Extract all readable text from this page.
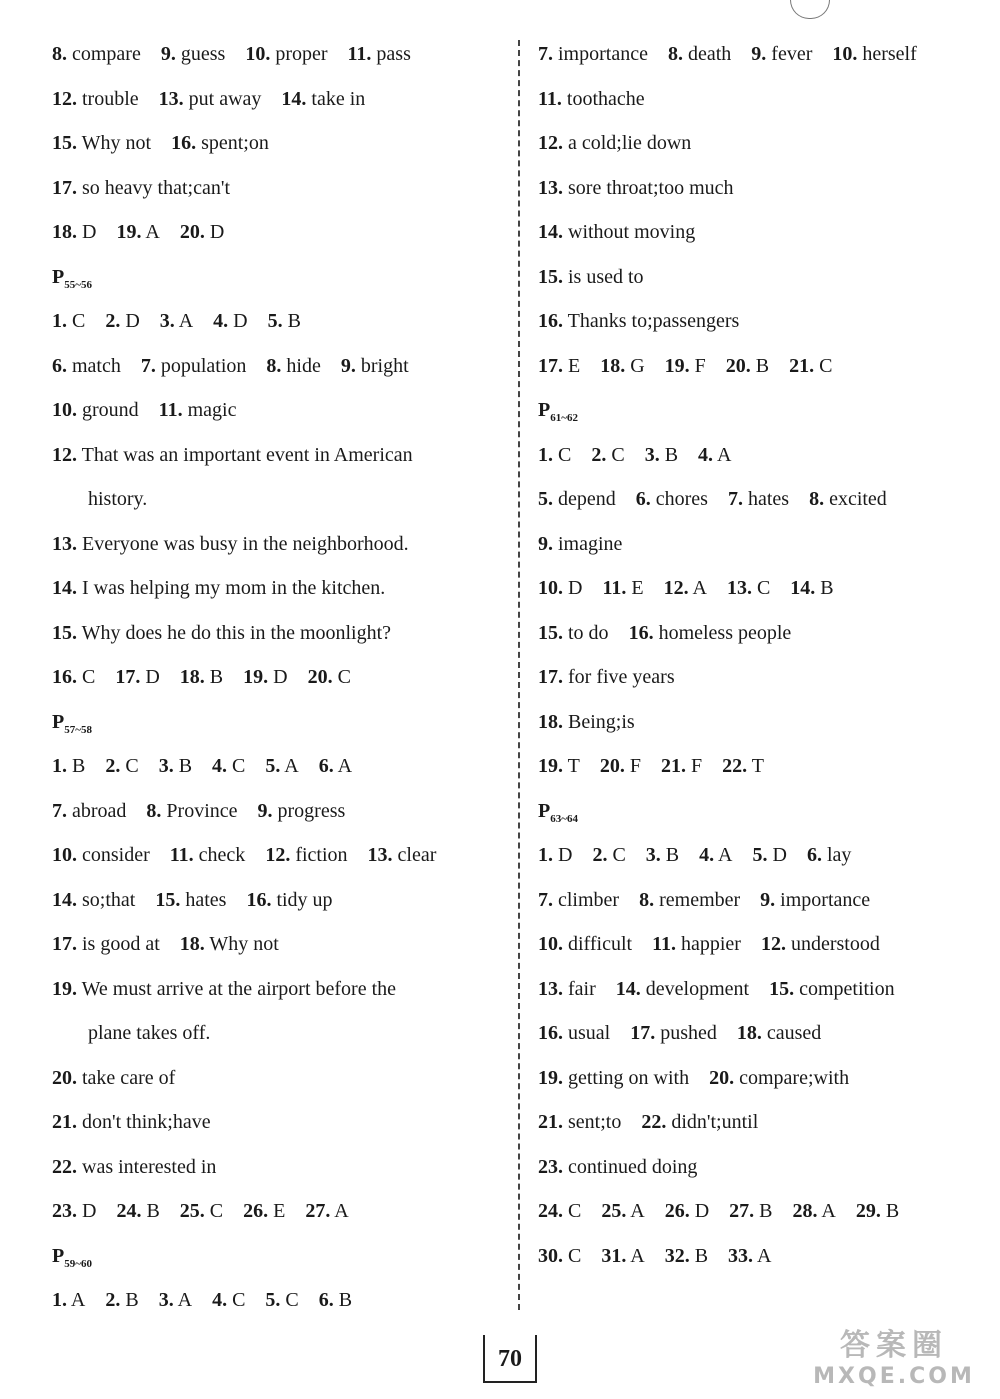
8. compare 9. guess 10. proper 11. pass
12. trouble 13. put away 14. take in
15. Why not 16. spent;on
17. so heavy that;can't
18. D 19. A 20. D
$P_{55\sim 56}$
1. C 2. D 3. A 4. D 5. B
6. match 7. population 8. hide 9. bright
10. ground 11. magic
12. That was an important event in American
history.
13. Everyone was busy in the neighborhood.
14. I was helping my mom in the kitchen.
15. Why does he do this in the moonlight?
16. C 17. D 18. B 19. D 20. C
$P_{57\sim 58}$
1. B 2. C 3. B 4. C 5. A 6. A
7. abroad 8. Province 9. progress
10. consider 11. check 12. fiction 13. clear
14. so;that 15. hates 16. tidy up
17. is good at 18. Why not
19. We must arrive at the airport before the
plane takes off.
20. take care of
21. don't think;have
22. was interested in
23. D 24. B 25. C 26. E 27. A
$P_{59\sim 60}$
1. A 2. B 3. A 4. C 5. C 6. B
7. importance 8. death 9. fever 10. herself
11. toothache
12. a cold;lie down
13. sore throat;too much
14. without moving
15. is used to
16. Thanks to;passengers
17. E 18. G 19. F 20. B 21. C
$P_{61\sim 62}$
1. C 2. C 3. B 4. A
5. depend 6. chores 7. hates 8. excited
9. imagine
10. D 11. E 12. A 13. C 14. B
15. to do 16. homeless people
17. for five years
18. Being;is
19. T 20. F 21. F 22. T
$P_{63\sim 64}$
1. D 2. C 3. B 4. A 5. D 6. lay
7. climber 8. remember 9. importance
10. difficult 11. happier 12. understood
13. fair 14. development 15. competition
16. usual 17. pushed 18. caused
19. getting on with 20. compare;with
21. sent;to 22. didn't;until
23. continued doing
24. C 25. A 26. D 27. B 28. A 29. B
30. C 31. A 32. B 33. A
70	答案圈
MXQE.COM
